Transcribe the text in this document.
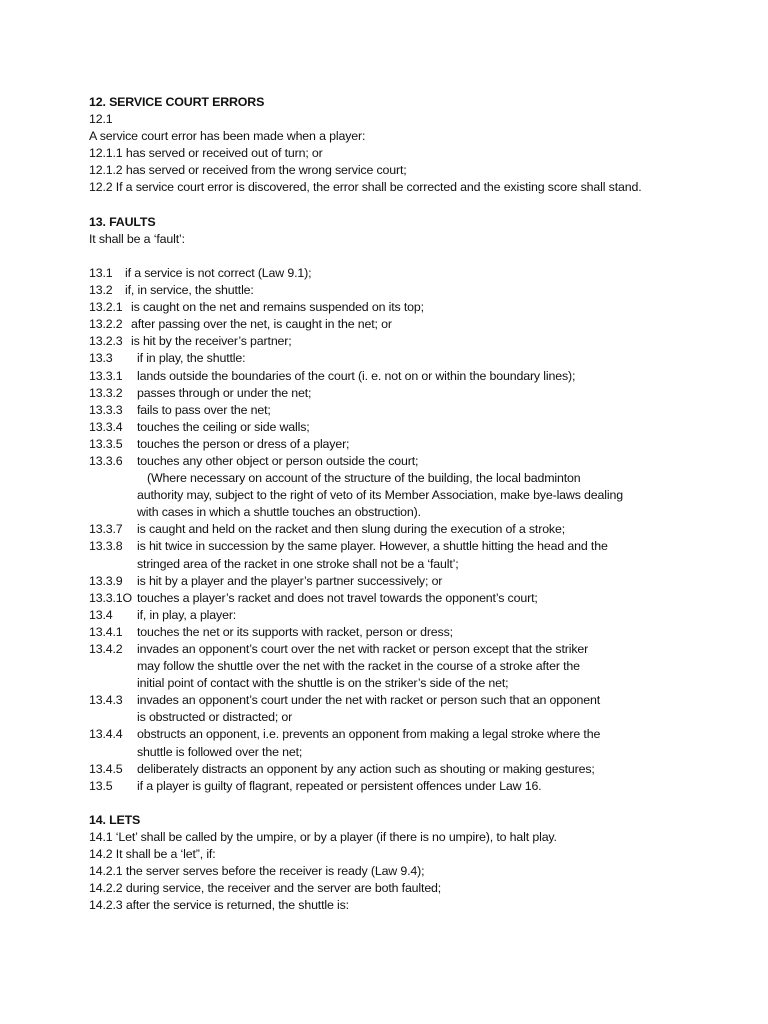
12. SERVICE COURT ERRORS
12.1
A service court error has been made when a player:
12.1.1 has served or received out of turn; or
12.1.2 has served or received from the wrong service court;
12.2 If a service court error is discovered, the error shall be corrected and the existing score shall stand.
13. FAULTS
It shall be a ‘fault’:
13.1 if a service is not correct (Law 9.1);
13.2 if, in service, the shuttle:
13.2.1 is caught on the net and remains suspended on its top;
13.2.2 after passing over the net, is caught in the net; or
13.2.3 is hit by the receiver’s partner;
13.3 if in play, the shuttle:
13.3.1 lands outside the boundaries of the court (i. e. not on or within the boundary lines);
13.3.2 passes through or under the net;
13.3.3 fails to pass over the net;
13.3.4 touches the ceiling or side walls;
13.3.5 touches the person or dress of a player;
13.3.6 touches any other object or person outside the court;
(Where necessary on account of the structure of the building, the local badminton
authority may, subject to the right of veto of its Member Association, make bye-laws dealing
with cases in which a shuttle touches an obstruction).
13.3.7 is caught and held on the racket and then slung during the execution of a stroke;
13.3.8 is hit twice in succession by the same player. However, a shuttle hitting the head and the
stringed area of the racket in one stroke shall not be a ‘fault’;
13.3.9 is hit by a player and the player’s partner successively; or
13.3.1O touches a player’s racket and does not travel towards the opponent’s court;
13.4 if, in play, a player:
13.4.1 touches the net or its supports with racket, person or dress;
13.4.2 invades an opponent’s court over the net with racket or person except that the striker
may follow the shuttle over the net with the racket in the course of a stroke after the
initial point of contact with the shuttle is on the striker’s side of the net;
13.4.3 invades an opponent’s court under the net with racket or person such that an opponent
is obstructed or distracted; or
13.4.4 obstructs an opponent, i.e. prevents an opponent from making a legal stroke where the
shuttle is followed over the net;
13.4.5 deliberately distracts an opponent by any action such as shouting or making gestures;
13.5 if a player is guilty of flagrant, repeated or persistent offences under Law 16.
14. LETS
14.1 ‘Let’ shall be called by the umpire, or by a player (if there is no umpire), to halt play.
14.2 It shall be a ‘let”, if:
14.2.1 the server serves before the receiver is ready (Law 9.4);
14.2.2 during service, the receiver and the server are both faulted;
14.2.3 after the service is returned, the shuttle is:
